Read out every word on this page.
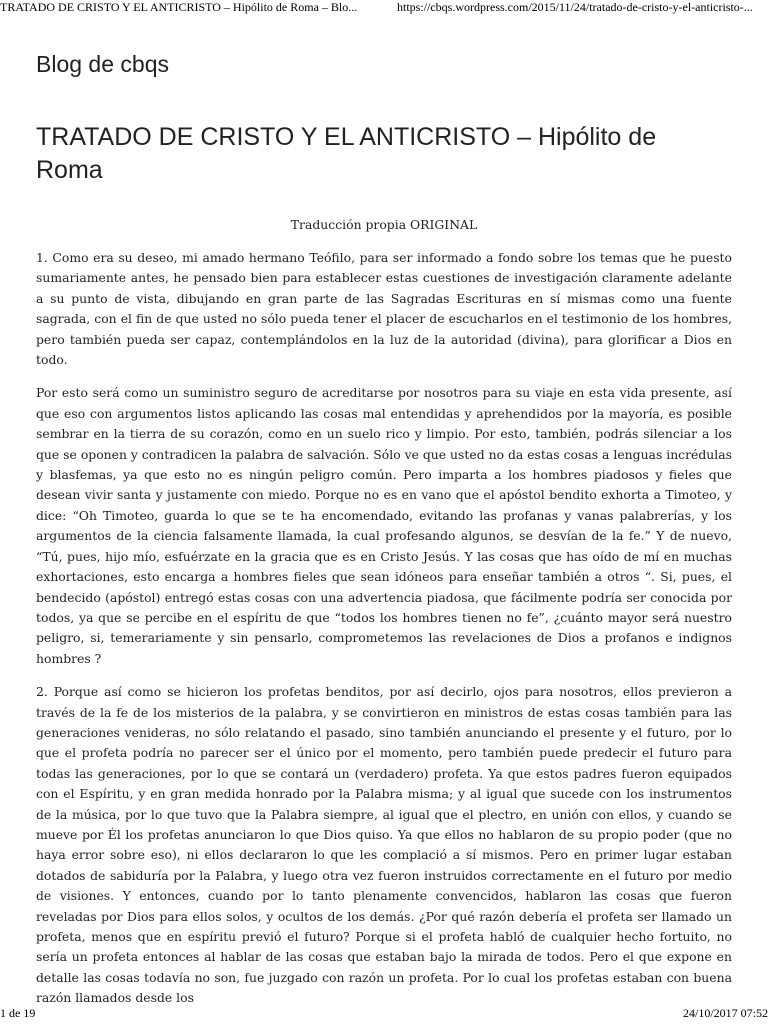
TRATADO DE CRISTO Y EL ANTICRISTO – Hipólito de Roma – Blo...	https://cbqs.wordpress.com/2015/11/24/tratado-de-cristo-y-el-anticristo-...
Blog de cbqs
TRATADO DE CRISTO Y EL ANTICRISTO – Hipólito de Roma
Traducción propia ORIGINAL

1. Como era su deseo, mi amado hermano Teófilo, para ser informado a fondo sobre los temas que he puesto sumariamente antes, he pensado bien para establecer estas cuestiones de investigación claramente adelante a su punto de vista, dibujando en gran parte de las Sagradas Escrituras en sí mismas como una fuente sagrada, con el fin de que usted no sólo pueda tener el placer de escucharlos en el testimonio de los hombres, pero también pueda ser capaz, contemplándolos en la luz de la autoridad (divina), para glorificar a Dios en todo.

Por esto será como un suministro seguro de acreditarse por nosotros para su viaje en esta vida presente, así que eso con argumentos listos aplicando las cosas mal entendidas y aprehendidos por la mayoría, es posible sembrar en la tierra de su corazón, como en un suelo rico y limpio. Por esto, también, podrás silenciar a los que se oponen y contradicen la palabra de salvación. Sólo ve que usted no da estas cosas a lenguas incrédulas y blasfemas, ya que esto no es ningún peligro común. Pero imparta a los hombres piadosos y fieles que desean vivir santa y justamente con miedo. Porque no es en vano que el apóstol bendito exhorta a Timoteo, y dice: “Oh Timoteo, guarda lo que se te ha encomendado, evitando las profanas y vanas palabrerías, y los argumentos de la ciencia falsamente llamada, la cual profesando algunos, se desvían de la fe.” Y de nuevo, “Tú, pues, hijo mío, esfuérzate en la gracia que es en Cristo Jesús. Y las cosas que has oído de mí en muchas exhortaciones, esto encarga a hombres fieles que sean idóneos para enseñar también a otros “. Si, pues, el bendecido (apóstol) entregó estas cosas con una advertencia piadosa, que fácilmente podría ser conocida por todos, ya que se percibe en el espíritu de que “todos los hombres tienen no fe”, ¿cuánto mayor será nuestro peligro, si, temerariamente y sin pensarlo, comprometemos las revelaciones de Dios a profanos e indignos hombres ?

2. Porque así como se hicieron los profetas benditos, por así decirlo, ojos para nosotros, ellos previeron a través de la fe de los misterios de la palabra, y se convirtieron en ministros de estas cosas también para las generaciones venideras, no sólo relatando el pasado, sino también anunciando el presente y el futuro, por lo que el profeta podría no parecer ser el único por el momento, pero también puede predecir el futuro para todas las generaciones, por lo que se contará un (verdadero) profeta. Ya que estos padres fueron equipados con el Espíritu, y en gran medida honrado por la Palabra misma; y al igual que sucede con los instrumentos de la música, por lo que tuvo que la Palabra siempre, al igual que el plectro, en unión con ellos, y cuando se mueve por Él los profetas anunciaron lo que Dios quiso. Ya que ellos no hablaron de su propio poder (que no haya error sobre eso), ni ellos declararon lo que les complació a sí mismos. Pero en primer lugar estaban dotados de sabiduría por la Palabra, y luego otra vez fueron instruidos correctamente en el futuro por medio de visiones. Y entonces, cuando por lo tanto plenamente convencidos, hablaron las cosas que fueron reveladas por Dios para ellos solos, y ocultos de los demás. ¿Por qué razón debería el profeta ser llamado un profeta, menos que en espíritu previó el futuro? Porque si el profeta habló de cualquier hecho fortuito, no sería un profeta entonces al hablar de las cosas que estaban bajo la mirada de todos. Pero el que expone en detalle las cosas todavía no son, fue juzgado con razón un profeta. Por lo cual los profetas estaban con buena razón llamados desde los

1 de 19	24/10/2017 07:52
